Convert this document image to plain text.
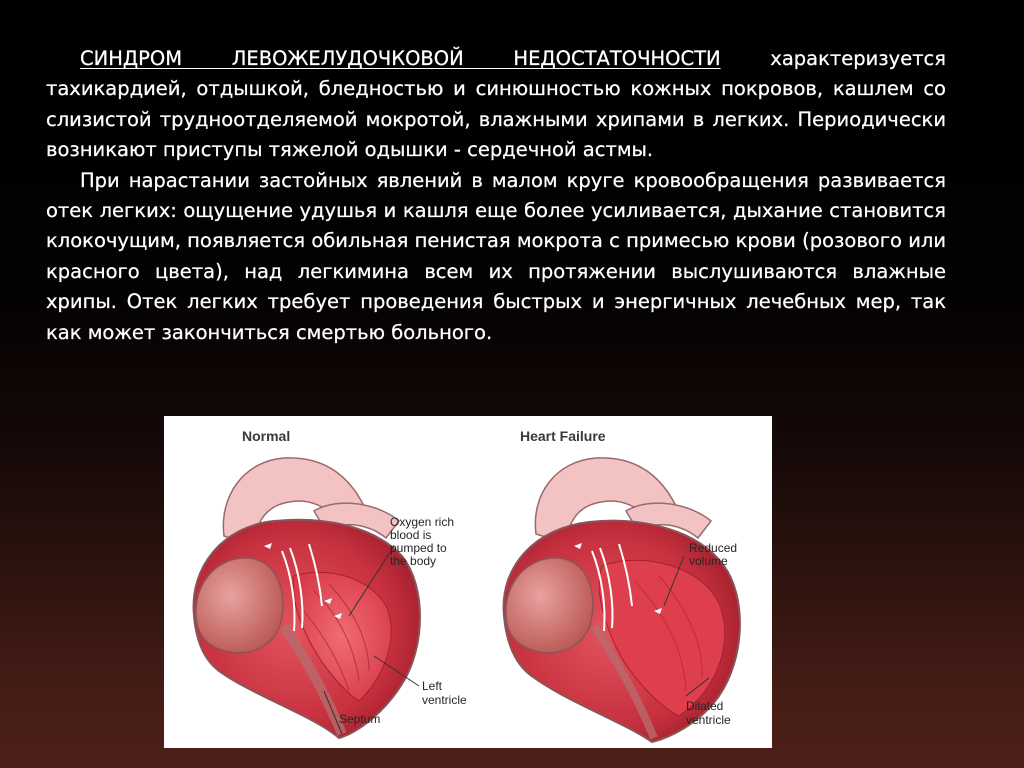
СИНДРОМ ЛЕВОЖЕЛУДОЧКОВОЙ НЕДОСТАТОЧНОСТИ характеризуется тахикардией, отдышкой, бледностью и синюшностью кожных покровов, кашлем со слизистой трудноотделяемой мокротой, влажными хрипами в легких. Периодически возникают приступы тяжелой одышки - сердечной астмы.

При нарастании застойных явлений в малом круге кровообращения развивается отек легких: ощущение удушья и кашля еще более усиливается, дыхание становится клокочущим, появляется обильная пенистая мокрота с примесью крови (розового или красного цвета), над легкимина всем их протяжении выслушиваются влажные хрипы. Отек легких требует проведения быстрых и энергичных лечебных мер, так как может закончиться смертью больного.

Normal	Heart Failure
Oxygen rich
blood is
pumped to
the body
Left
ventricle
Septum
Reduced
volume
Dilated
ventricle
